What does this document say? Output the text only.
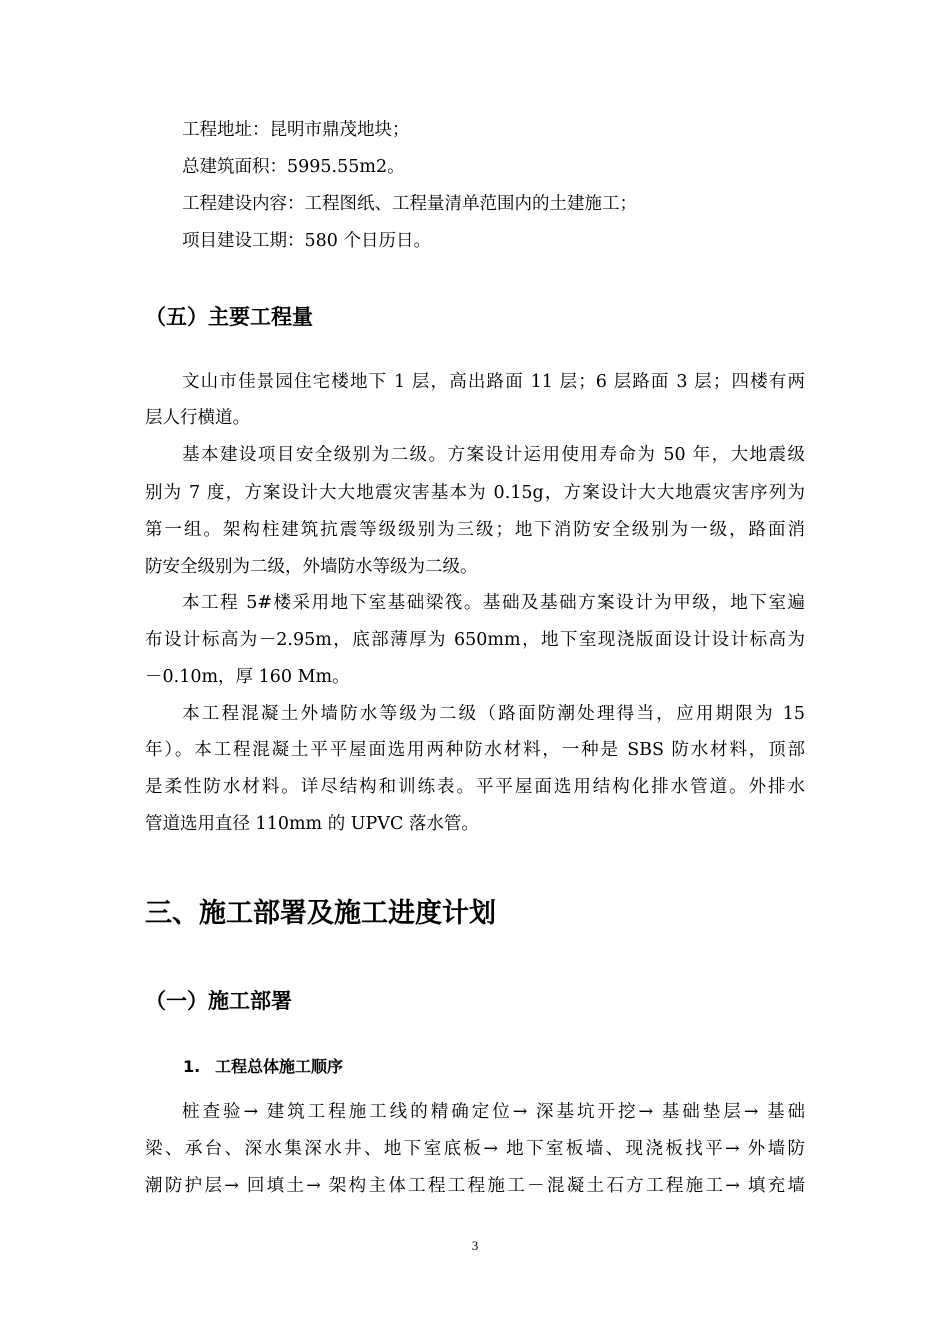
工程地址：昆明市鼎茂地块；
总建筑面积：5995.55m2。
工程建设内容：工程图纸、工程量清单范围内的土建施工；
项目建设工期：580 个日历日。
（五）主要工程量
文山市佳景园住宅楼地下 1 层，高出路面 11 层；6 层路面 3 层；四楼有两
层人行横道。
基本建设项目安全级别为二级。方案设计运用使用寿命为 50 年，大地震级
别为 7 度，方案设计大大地震灾害基本为 0.15g，方案设计大大地震灾害序列为
第一组。架构柱建筑抗震等级级别为三级；地下消防安全级别为一级，路面消
防安全级别为二级，外墙防水等级为二级。
本工程 5#楼采用地下室基础梁筏。基础及基础方案设计为甲级，地下室遍
布设计标高为－2.95m，底部薄厚为 650mm，地下室现浇版面设计设计标高为
－0.10m，厚 160 Mm。
本工程混凝土外墙防水等级为二级（路面防潮处理得当，应用期限为 15
年）。本工程混凝土平平屋面选用两种防水材料，一种是 SBS 防水材料，顶部
是柔性防水材料。详尽结构和训练表。平平屋面选用结构化排水管道。外排水
管道选用直径 110mm 的 UPVC 落水管。
三、施工部署及施工进度计划
（一）施工部署
1. 工程总体施工顺序
桩查验→ 建筑工程施工线的精确定位→ 深基坑开挖→ 基础垫层→ 基础
梁、承台、深水集深水井、地下室底板→ 地下室板墙、现浇板找平→ 外墙防
潮防护层→ 回填土→ 架构主体工程工程施工－混凝土石方工程施工→ 填充墙
3
